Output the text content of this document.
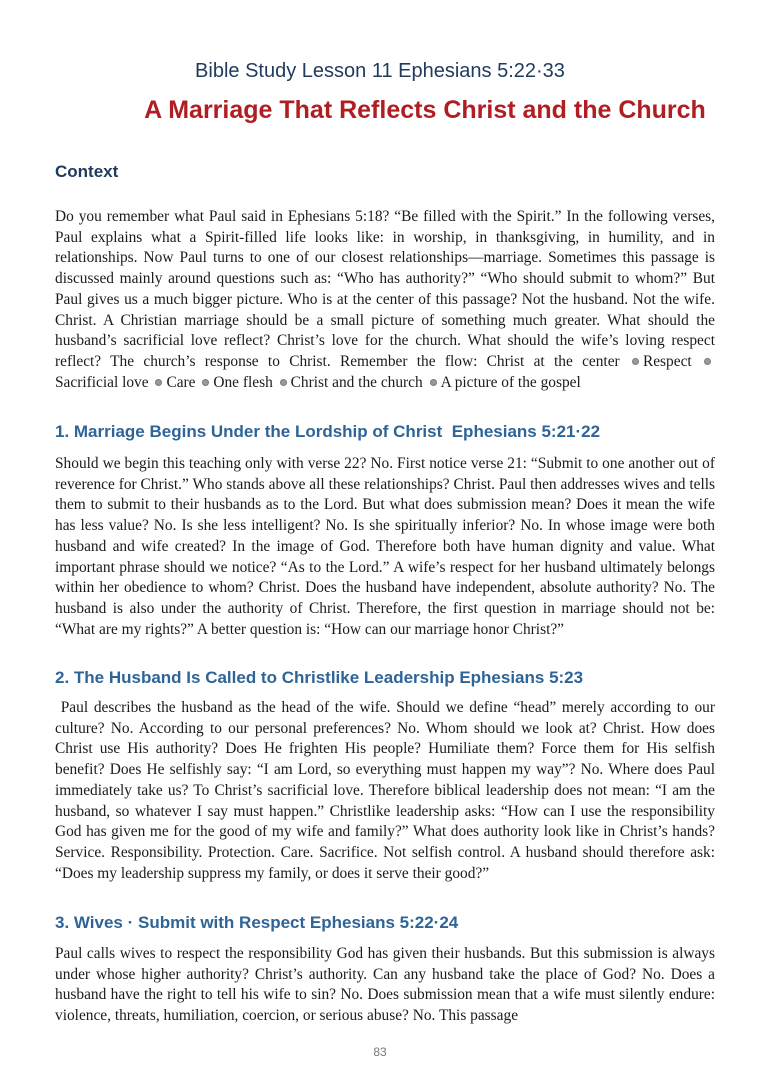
Bible Study Lesson 11 Ephesians 5:22·33
A Marriage That Reflects Christ and the Church
Context

Do you remember what Paul said in Ephesians 5:18? “Be filled with the Spirit.” In the following verses, Paul explains what a Spirit-filled life looks like: in worship, in thanksgiving, in humility, and in relationships. Now Paul turns to one of our closest relationships—marriage. Sometimes this passage is discussed mainly around questions such as: “Who has authority?” “Who should submit to whom?” But Paul gives us a much bigger picture. Who is at the center of this passage? Not the husband. Not the wife. Christ. A Christian marriage should be a small picture of something much greater. What should the husband’s sacrificial love reflect? Christ’s love for the church. What should the wife’s loving respect reflect? The church’s response to Christ. Remember the flow: Christ at the center Respect Sacrificial love Care One flesh Christ and the church A picture of the gospel

1. Marriage Begins Under the Lordship of Christ  Ephesians 5:21·22

Should we begin this teaching only with verse 22? No. First notice verse 21: “Submit to one another out of reverence for Christ.” Who stands above all these relationships? Christ. Paul then addresses wives and tells them to submit to their husbands as to the Lord. But what does submission mean? Does it mean the wife has less value? No. Is she less intelligent? No. Is she spiritually inferior? No. In whose image were both husband and wife created? In the image of God. Therefore both have human dignity and value. What important phrase should we notice? “As to the Lord.” A wife’s respect for her husband ultimately belongs within her obedience to whom? Christ. Does the husband have independent, absolute authority? No. The husband is also under the authority of Christ. Therefore, the first question in marriage should not be: “What are my rights?” A better question is: “How can our marriage honor Christ?”

2. The Husband Is Called to Christlike Leadership Ephesians 5:23

Paul describes the husband as the head of the wife. Should we define “head” merely according to our culture? No. According to our personal preferences? No. Whom should we look at? Christ. How does Christ use His authority? Does He frighten His people? Humiliate them? Force them for His selfish benefit? Does He selfishly say: “I am Lord, so everything must happen my way”? No. Where does Paul immediately take us? To Christ’s sacrificial love. Therefore biblical leadership does not mean: “I am the husband, so whatever I say must happen.” Christlike leadership asks: “How can I use the responsibility God has given me for the good of my wife and family?” What does authority look like in Christ’s hands? Service. Responsibility. Protection. Care. Sacrifice. Not selfish control. A husband should therefore ask: “Does my leadership suppress my family, or does it serve their good?”

3. Wives · Submit with Respect Ephesians 5:22·24

Paul calls wives to respect the responsibility God has given their husbands. But this submission is always under whose higher authority? Christ’s authority. Can any husband take the place of God? No. Does a husband have the right to tell his wife to sin? No. Does submission mean that a wife must silently endure: violence, threats, humiliation, coercion, or serious abuse? No. This passage

83
